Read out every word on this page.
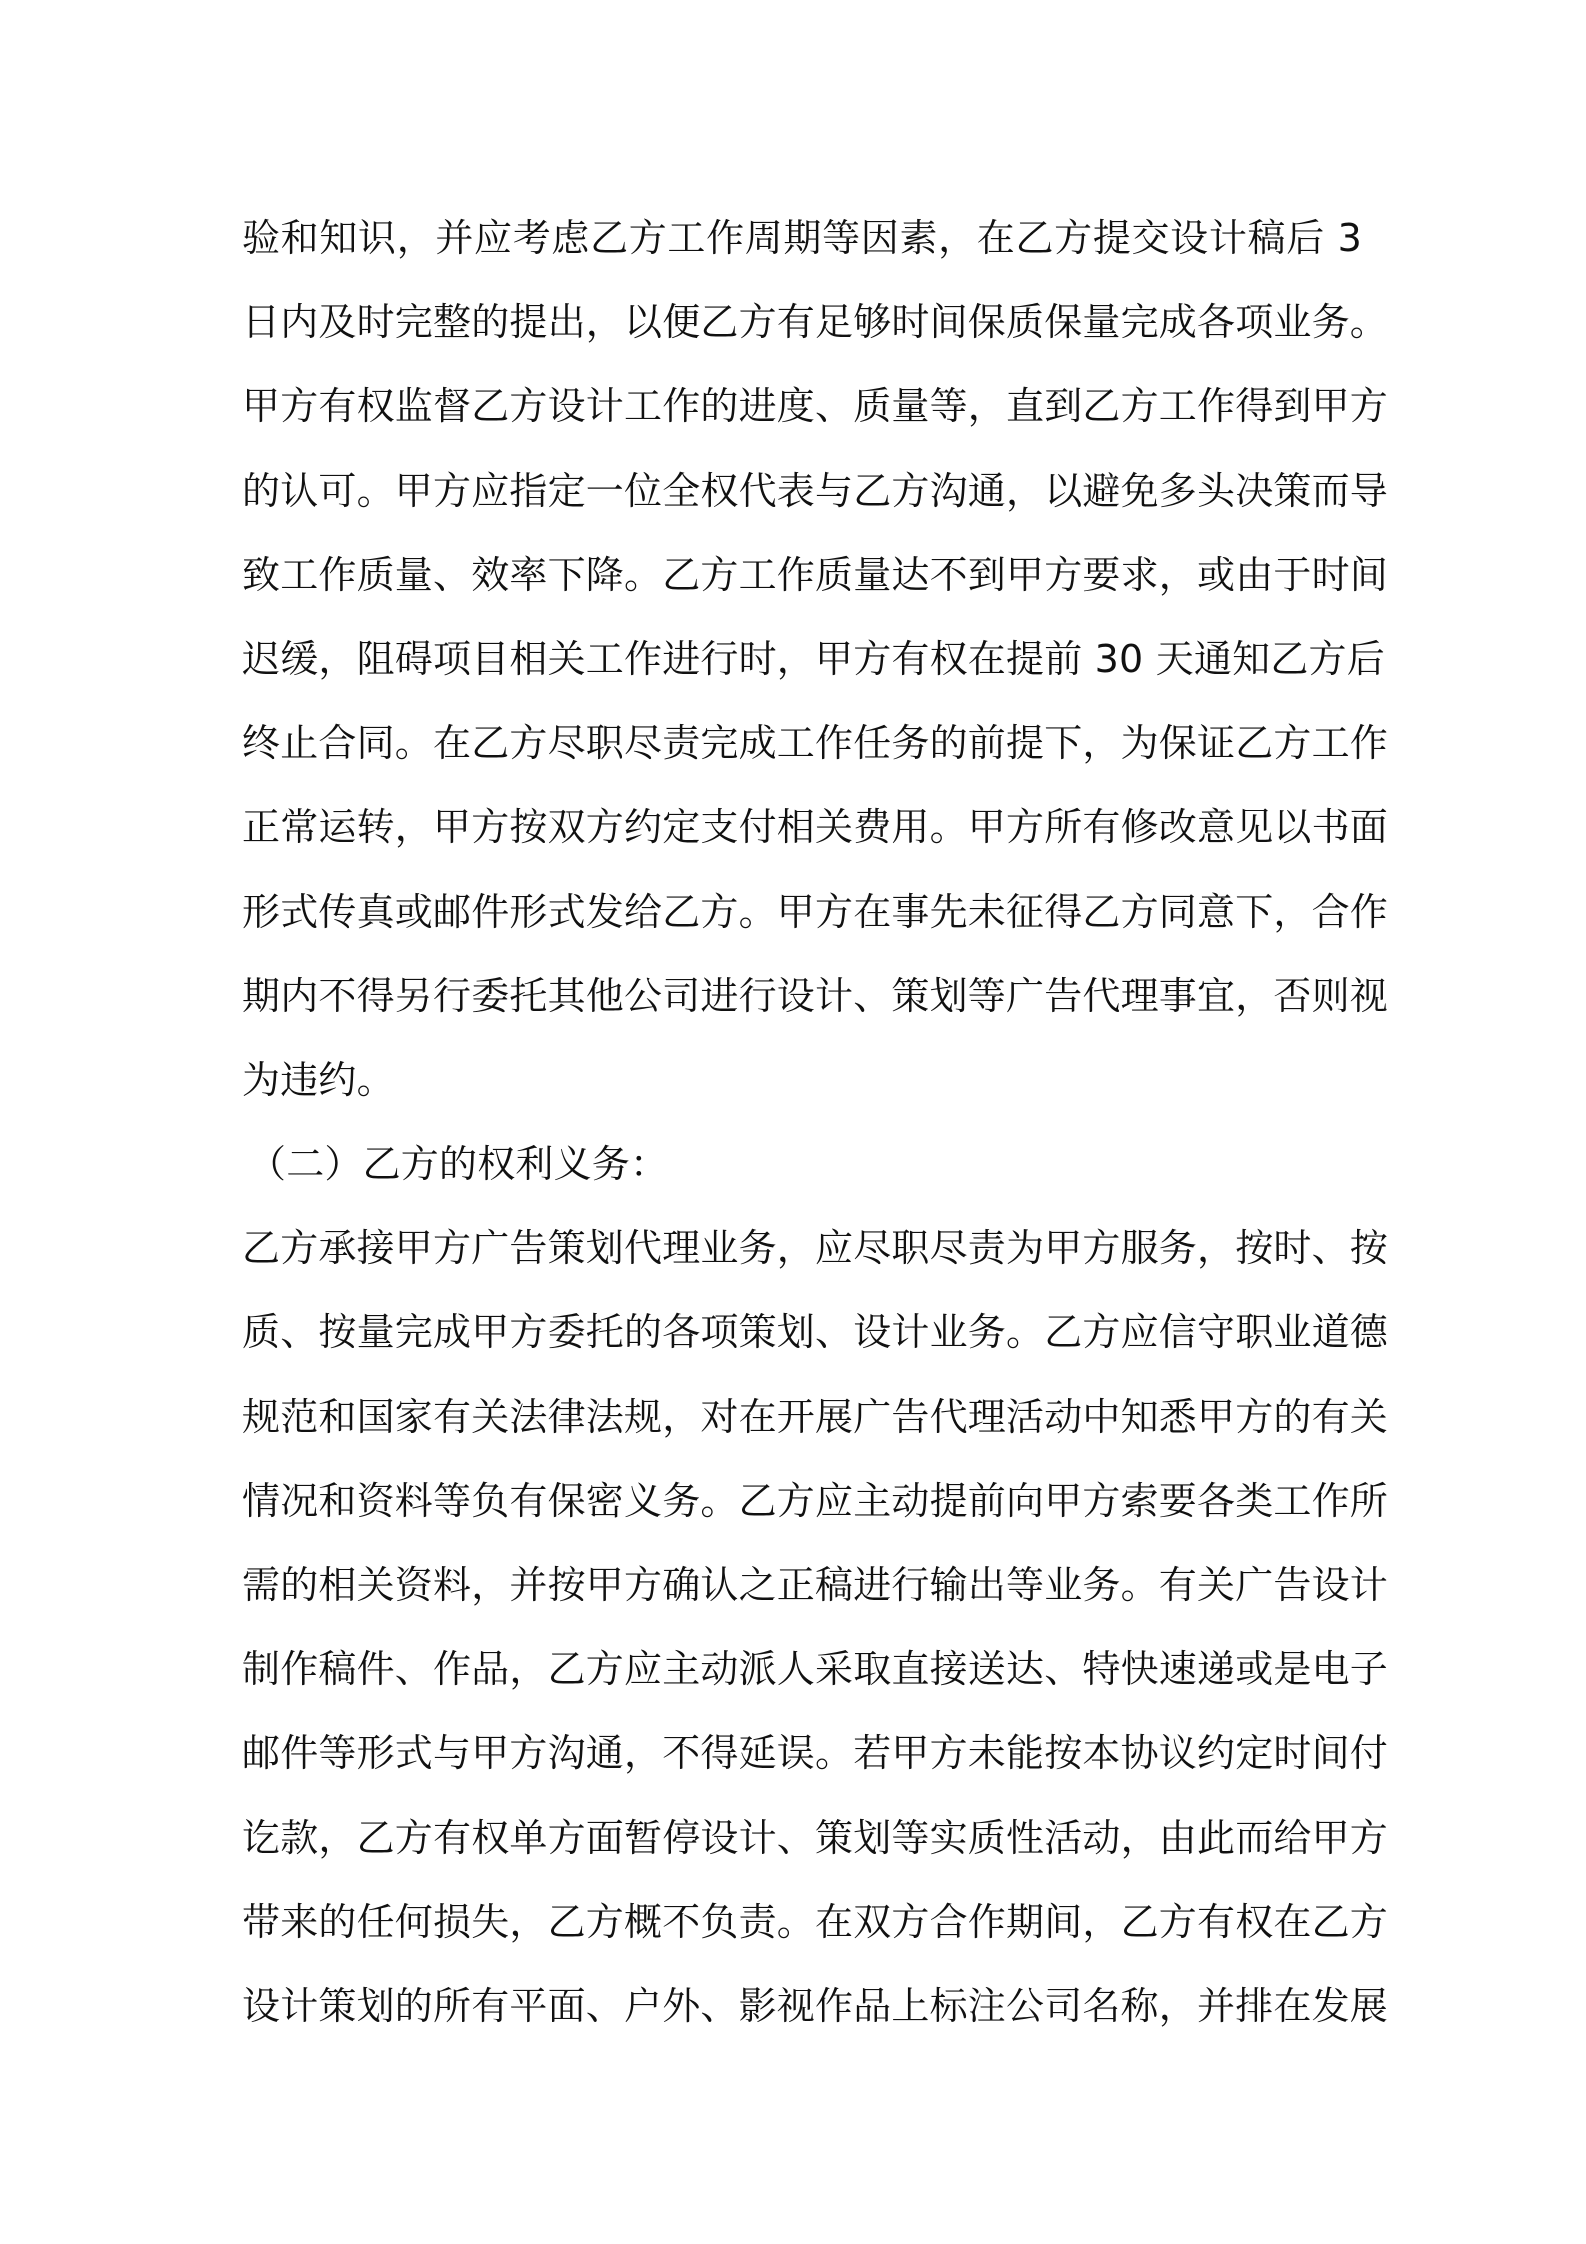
验和知识，并应考虑乙方工作周期等因素，在乙方提交设计稿后 3
日内及时完整的提出，以便乙方有足够时间保质保量完成各项业务。
甲方有权监督乙方设计工作的进度、质量等，直到乙方工作得到甲方
的认可。甲方应指定一位全权代表与乙方沟通，以避免多头决策而导
致工作质量、效率下降。乙方工作质量达不到甲方要求，或由于时间
迟缓，阻碍项目相关工作进行时，甲方有权在提前 30 天通知乙方后
终止合同。在乙方尽职尽责完成工作任务的前提下，为保证乙方工作
正常运转，甲方按双方约定支付相关费用。甲方所有修改意见以书面
形式传真或邮件形式发给乙方。甲方在事先未征得乙方同意下，合作
期内不得另行委托其他公司进行设计、策划等广告代理事宜，否则视
为违约。
（二）乙方的权利义务：
乙方承接甲方广告策划代理业务，应尽职尽责为甲方服务，按时、按
质、按量完成甲方委托的各项策划、设计业务。乙方应信守职业道德
规范和国家有关法律法规，对在开展广告代理活动中知悉甲方的有关
情况和资料等负有保密义务。乙方应主动提前向甲方索要各类工作所
需的相关资料，并按甲方确认之正稿进行输出等业务。有关广告设计
制作稿件、作品，乙方应主动派人采取直接送达、特快速递或是电子
邮件等形式与甲方沟通，不得延误。若甲方未能按本协议约定时间付
讫款，乙方有权单方面暂停设计、策划等实质性活动，由此而给甲方
带来的任何损失，乙方概不负责。在双方合作期间，乙方有权在乙方
设计策划的所有平面、户外、影视作品上标注公司名称，并排在发展
